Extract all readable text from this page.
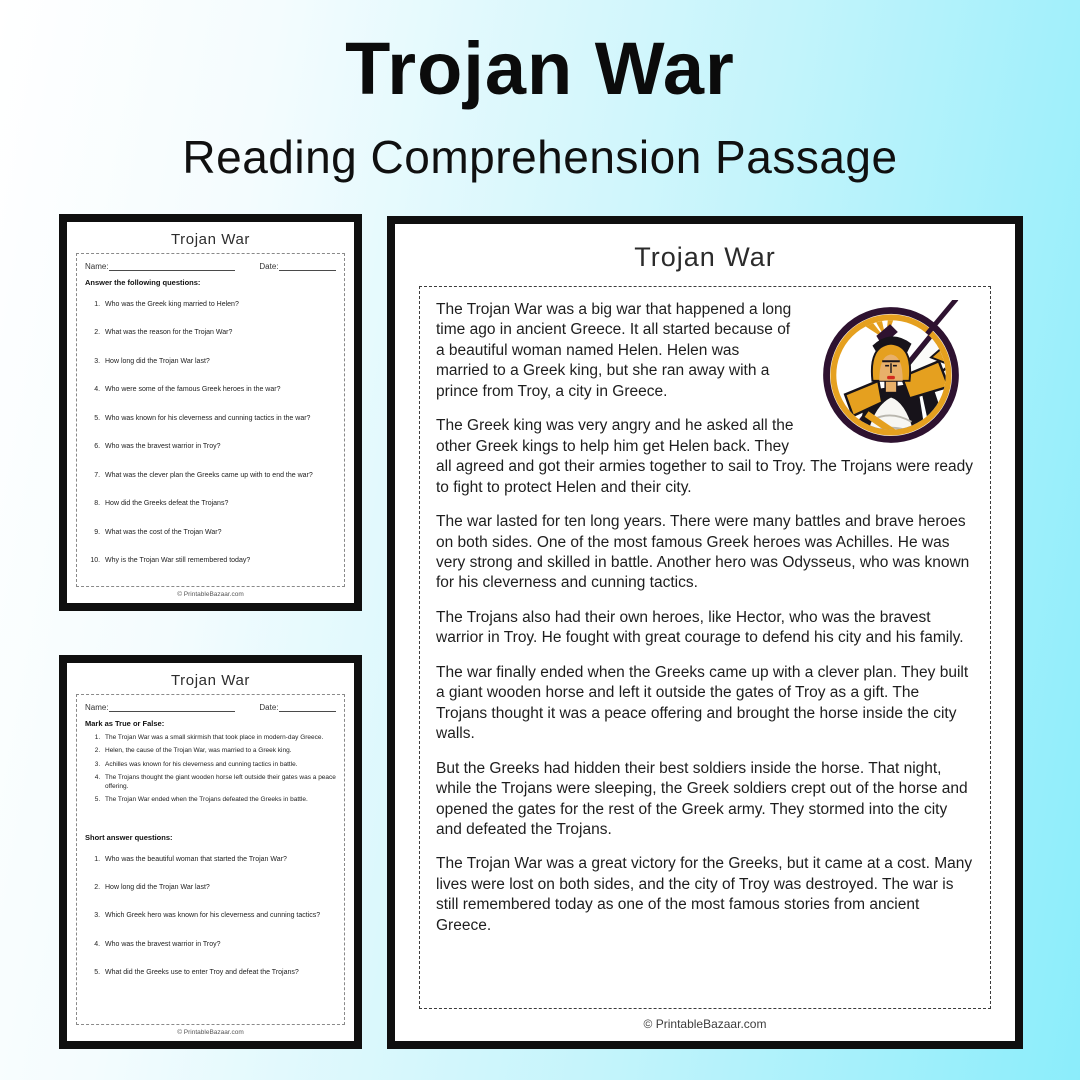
Trojan War
Reading Comprehension Passage
Trojan War
Name:	Date:
Answer the following questions:
1. Who was the Greek king married to Helen?
2. What was the reason for the Trojan War?
3. How long did the Trojan War last?
4. Who were some of the famous Greek heroes in the war?
5. Who was known for his cleverness and cunning tactics in the war?
6. Who was the bravest warrior in Troy?
7. What was the clever plan the Greeks came up with to end the war?
8. How did the Greeks defeat the Trojans?
9. What was the cost of the Trojan War?
10. Why is the Trojan War still remembered today?
© PrintableBazaar.com
Trojan War
Name:	Date:
Mark as True or False:
1. The Trojan War was a small skirmish that took place in modern-day Greece.
2. Helen, the cause of the Trojan War, was married to a Greek king.
3. Achilles was known for his cleverness and cunning tactics in battle.
4. The Trojans thought the giant wooden horse left outside their gates was a peace offering.
5. The Trojan War ended when the Trojans defeated the Greeks in battle.
Short answer questions:
1. Who was the beautiful woman that started the Trojan War?
2. How long did the Trojan War last?
3. Which Greek hero was known for his cleverness and cunning tactics?
4. Who was the bravest warrior in Troy?
5. What did the Greeks use to enter Troy and defeat the Trojans?
© PrintableBazaar.com
Trojan War

The Trojan War was a big war that happened a long time ago in ancient Greece. It all started because of a beautiful woman named Helen. Helen was married to a Greek king, but she ran away with a prince from Troy, a city in Greece.

The Greek king was very angry and he asked all the other Greek kings to help him get Helen back. They all agreed and got their armies together to sail to Troy. The Trojans were ready to fight to protect Helen and their city.

The war lasted for ten long years. There were many battles and brave heroes on both sides. One of the most famous Greek heroes was Achilles. He was very strong and skilled in battle. Another hero was Odysseus, who was known for his cleverness and cunning tactics.

The Trojans also had their own heroes, like Hector, who was the bravest warrior in Troy. He fought with great courage to defend his city and his family.

The war finally ended when the Greeks came up with a clever plan. They built a giant wooden horse and left it outside the gates of Troy as a gift. The Trojans thought it was a peace offering and brought the horse inside the city walls.

But the Greeks had hidden their best soldiers inside the horse. That night, while the Trojans were sleeping, the Greek soldiers crept out of the horse and opened the gates for the rest of the Greek army. They stormed into the city and defeated the Trojans.

The Trojan War was a great victory for the Greeks, but it came at a cost. Many lives were lost on both sides, and the city of Troy was destroyed. The war is still remembered today as one of the most famous stories from ancient Greece.

© PrintableBazaar.com
